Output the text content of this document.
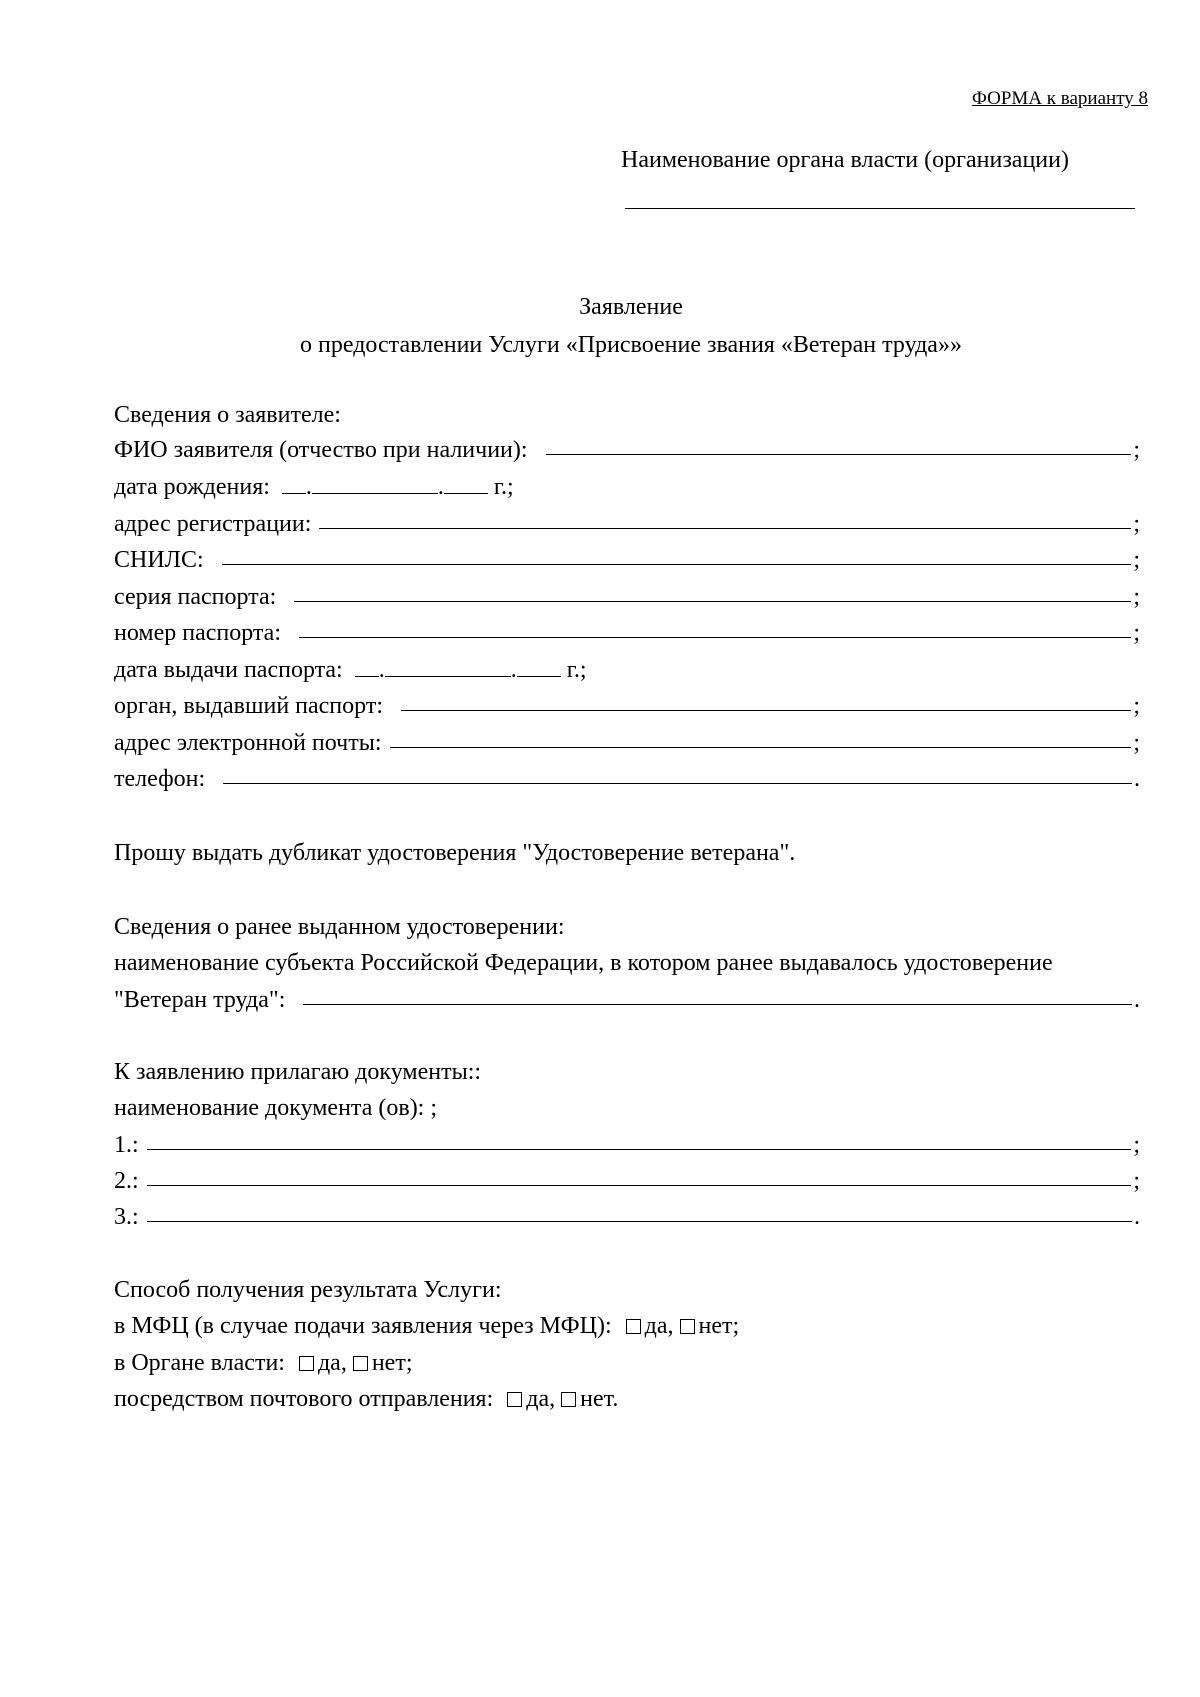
ФОРМА к варианту 8
Наименование органа власти (организации)
Заявление
о предоставлении Услуги «Присвоение звания «Ветеран труда»»
Сведения о заявителе:
ФИО заявителя (отчество при наличии):	;
дата рождения: .	. г.;
адрес регистрации:	;
СНИЛС:	;
серия паспорта:	;
номер паспорта:	;
дата выдачи паспорта: .	. г.;
орган, выдавший паспорт:	;
адрес электронной почты:	;
телефон:	.
Прошу выдать дубликат удостоверения "Удостоверение ветерана".
Сведения о ранее выданном удостоверении:
наименование субъекта Российской Федерации, в котором ранее выдавалось удостоверение
"Ветеран труда":	.
К заявлению прилагаю документы::
наименование документа (ов): ;
1.:	;
2.:	;
3.:	.
Способ получения результата Услуги:
в МФЦ (в случае подачи заявления через МФЦ): да, нет;
в Органе власти: да, нет;
посредством почтового отправления: да, нет.
